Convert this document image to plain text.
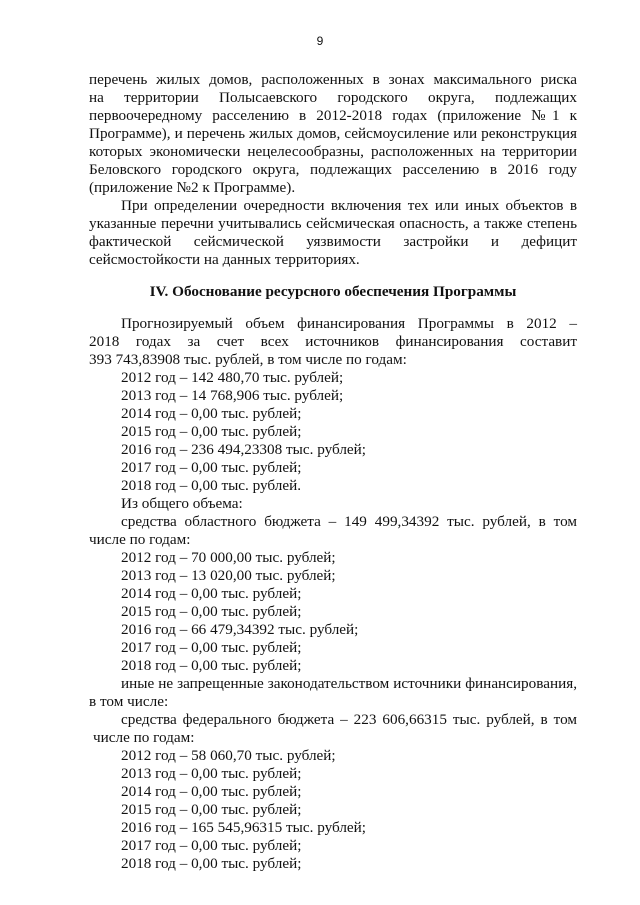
9
перечень жилых домов, расположенных в зонах максимального риска
на территории Полысаевского городского округа, подлежащих
первоочередному расселению в 2012-2018 годах (приложение №1 к
Программе), и перечень жилых домов, сейсмоусиление или реконструкция
которых экономически нецелесообразны, расположенных на территории
Беловского городского округа, подлежащих расселению в 2016 году
(приложение №2 к Программе).
При определении очередности включения тех или иных объектов в
указанные перечни учитывались сейсмическая опасность, а также степень
фактической сейсмической уязвимости застройки и дефицит
сейсмостойкости на данных территориях.
IV. Обоснование ресурсного обеспечения Программы
Прогнозируемый объем финансирования Программы в 2012 –
2018 годах за счет всех источников финансирования составит
393 743,83908 тыс. рублей, в том числе по годам:
2012 год – 142 480,70 тыс. рублей;
2013 год – 14 768,906 тыс. рублей;
2014 год – 0,00 тыс. рублей;
2015 год – 0,00 тыс. рублей;
2016 год – 236 494,23308 тыс. рублей;
2017 год – 0,00 тыс. рублей;
2018 год – 0,00 тыс. рублей.
Из общего объема:
средства областного бюджета – 149 499,34392 тыс. рублей, в том
числе по годам:
2012 год – 70 000,00 тыс. рублей;
2013 год – 13 020,00 тыс. рублей;
2014 год – 0,00 тыс. рублей;
2015 год – 0,00 тыс. рублей;
2016 год – 66 479,34392 тыс. рублей;
2017 год – 0,00 тыс. рублей;
2018 год – 0,00 тыс. рублей;
иные не запрещенные законодательством источники финансирования,
в том числе:
средства федерального бюджета – 223 606,66315 тыс. рублей, в том
числе по годам:
2012 год – 58 060,70 тыс. рублей;
2013 год – 0,00 тыс. рублей;
2014 год – 0,00 тыс. рублей;
2015 год – 0,00 тыс. рублей;
2016 год – 165 545,96315 тыс. рублей;
2017 год – 0,00 тыс. рублей;
2018 год – 0,00 тыс. рублей;
